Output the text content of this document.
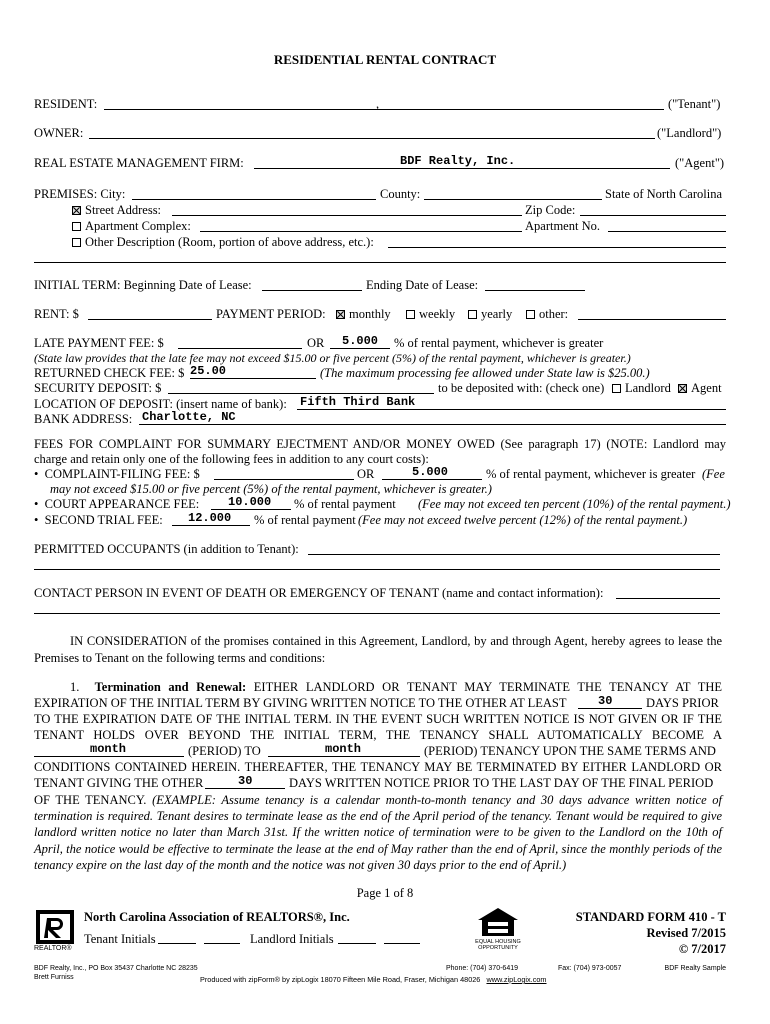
RESIDENTIAL RENTAL CONTRACT
RESIDENT:	,	("Tenant")
OWNER:	("Landlord")
REAL ESTATE MANAGEMENT FIRM:	BDF Realty, Inc.	("Agent")
PREMISES: City:	County:	State of North Carolina
Street Address:	Zip Code:
Apartment Complex:	Apartment No.
Other Description (Room, portion of above address, etc.):
INITIAL TERM: Beginning Date of Lease:	Ending Date of Lease:
RENT: $	PAYMENT PERIOD:	monthly	weekly	yearly	other:
LATE PAYMENT FEE: $	OR 5.000 % of rental payment, whichever is greater
(State law provides that the late fee may not exceed $15.00 or five percent (5%) of the rental payment, whichever is greater.)
RETURNED CHECK FEE: $ 25.00	(The maximum processing fee allowed under State law is $25.00.)
SECURITY DEPOSIT: $	to be deposited with: (check one)	Landlord	Agent
LOCATION OF DEPOSIT: (insert name of bank): Fifth Third Bank
BANK ADDRESS: Charlotte, NC
FEES FOR COMPLAINT FOR SUMMARY EJECTMENT AND/OR MONEY OWED (See paragraph 17) (NOTE: Landlord may
charge and retain only one of the following fees in addition to any court costs):
•  COMPLAINT-FILING FEE: $	OR	5.000	% of rental payment, whichever is greater (Fee
may not exceed $15.00 or five percent (5%) of the rental payment, whichever is greater.)
•  COURT APPEARANCE FEE: 10.000 % of rental payment (Fee may not exceed ten percent (10%) of the rental payment.)
•  SECOND TRIAL FEE: 12.000 % of rental payment (Fee may not exceed twelve percent (12%) of the rental payment.)
PERMITTED OCCUPANTS (in addition to Tenant):
CONTACT PERSON IN EVENT OF DEATH OR EMERGENCY OF TENANT (name and contact information):
IN CONSIDERATION of the promises contained in this Agreement, Landlord, by and through Agent, hereby agrees to lease the Premises to Tenant on the following terms and conditions:
1. Termination and Renewal: EITHER LANDLORD OR TENANT MAY TERMINATE THE TENANCY AT THE
EXPIRATION OF THE INITIAL TERM BY GIVING WRITTEN NOTICE TO THE OTHER AT LEAST	30	DAYS PRIOR
TO THE EXPIRATION DATE OF THE INITIAL TERM. IN THE EVENT SUCH WRITTEN NOTICE IS NOT GIVEN OR IF THE
TENANT HOLDS OVER BEYOND THE INITIAL TERM, THE TENANCY SHALL AUTOMATICALLY BECOME A
month	(PERIOD) TO	month	(PERIOD) TENANCY UPON THE SAME TERMS AND
CONDITIONS CONTAINED HEREIN. THEREAFTER, THE TENANCY MAY BE TERMINATED BY EITHER LANDLORD OR
TENANT GIVING THE OTHER	30	DAYS WRITTEN NOTICE PRIOR TO THE LAST DAY OF THE FINAL PERIOD
OF THE TENANCY. (EXAMPLE: Assume tenancy is a calendar month-to-month tenancy and 30 days advance written notice of termination is required. Tenant desires to terminate lease as the end of the April period of the tenancy. Tenant would be required to give landlord written notice no later than March 31st. If the written notice of termination were to be given to the Landlord on the 10th of April, the notice would be effective to terminate the lease at the end of May rather than the end of April, since the monthly periods of the tenancy expire on the last day of the month and the notice was not given 30 days prior to the end of April.)
Page 1 of 8
REALTOR®
North Carolina Association of REALTORS®, Inc.
Tenant Initials	Landlord Initials	EQUAL HOUSING OPPORTUNITY
STANDARD FORM 410 - T
Revised 7/2015
© 7/2017
BDF Realty, Inc., PO Box 35437 Charlotte NC 28235
Brett Furniss
Phone: (704) 370-6419	Fax: (704) 973-0057	BDF Realty Sample
Produced with zipForm® by zipLogix 18070 Fifteen Mile Road, Fraser, Michigan 48026 www.zipLogix.com
